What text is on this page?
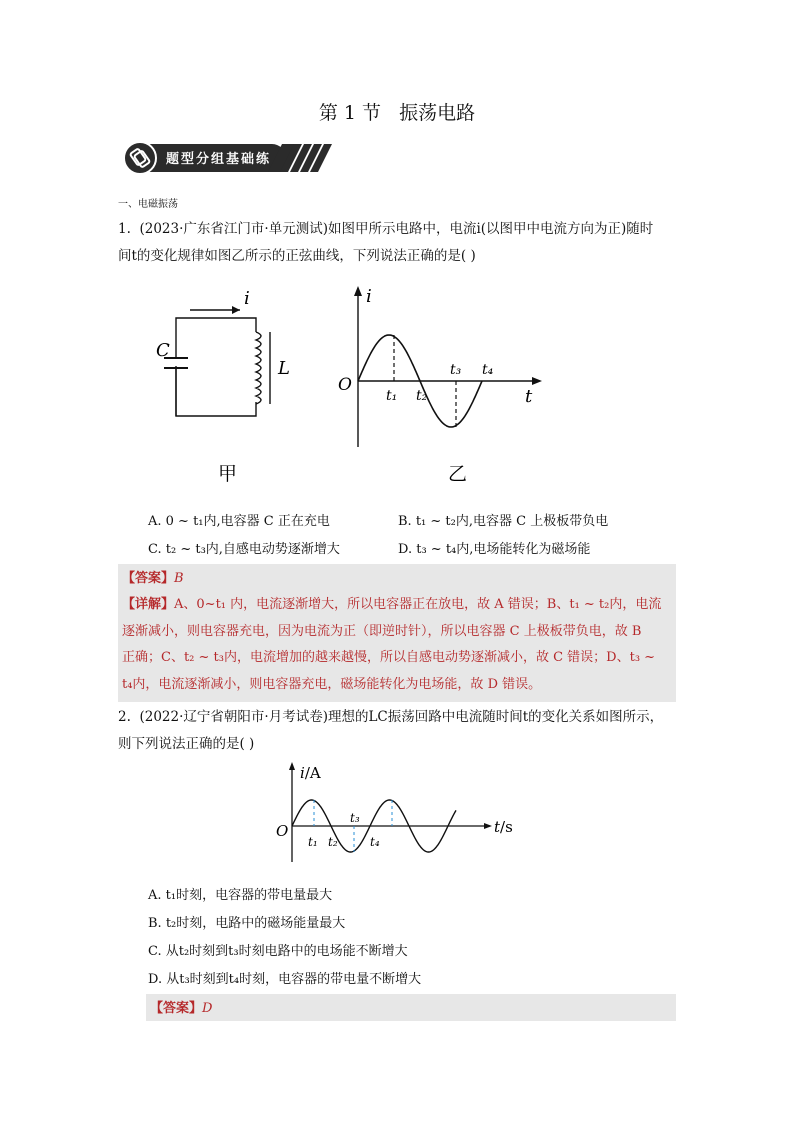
第 1 节 振荡电路
题型分组基础练
一、电磁振荡
1. (2023·广东省江门市·单元测试)如图甲所示电路中，电流i(以图甲中电流方向为正)随时
间t的变化规律如图乙所示的正弦曲线，下列说法正确的是( )
i
C
L
甲
i
O
t
t₁ t₂
t₃ t₄
乙
A. 0 ~ t₁内,电容器 C 正在充电	B. t₁ ~ t₂内,电容器 C 上极板带负电
C. t₂ ~ t₃内,自感电动势逐渐增大	D. t₃ ~ t₄内,电场能转化为磁场能
【答案】B
【详解】A、0~t₁ 内，电流逐渐增大，所以电容器正在放电，故 A 错误；B、t₁ ~ t₂内，电流
逐渐减小，则电容器充电，因为电流为正（即逆时针），所以电容器 C 上极板带负电，故 B
正确；C、t₂ ~ t₃内，电流增加的越来越慢，所以自感电动势逐渐减小，故 C 错误；D、t₃ ~
t₄内，电流逐渐减小，则电容器充电，磁场能转化为电场能，故 D 错误。
2. (2022·辽宁省朝阳市·月考试卷)理想的LC振荡回路中电流随时间t的变化关系如图所示，
则下列说法正确的是( )
i/A
t/s
O
t₁ t₂
t₃
t₄
A. t₁时刻，电容器的带电量最大
B. t₂时刻，电路中的磁场能量最大
C. 从t₂时刻到t₃时刻电路中的电场能不断增大
D. 从t₃时刻到t₄时刻，电容器的带电量不断增大
【答案】D
